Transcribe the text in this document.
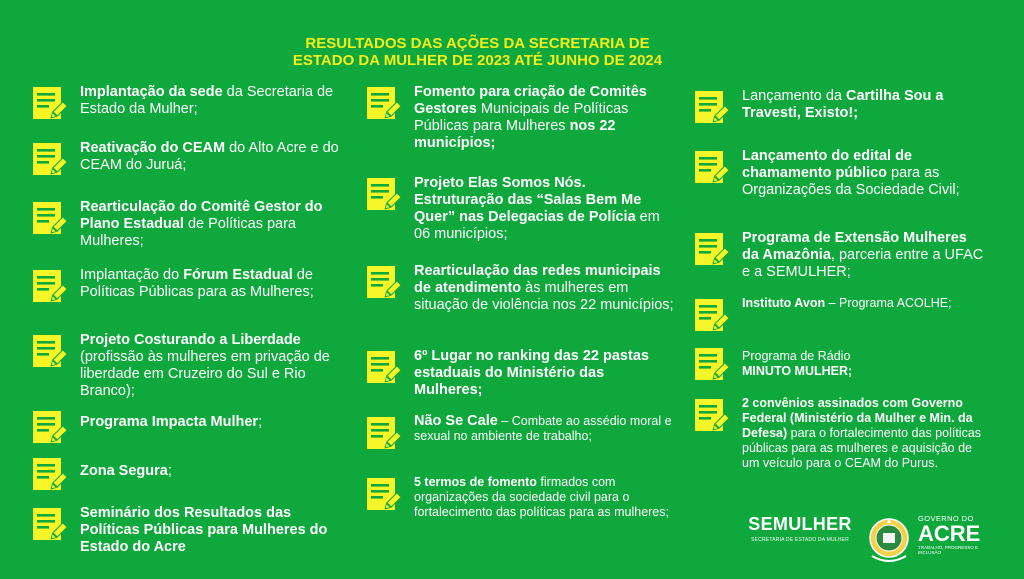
RESULTADOS DAS AÇÕES DA SECRETARIA DE
ESTADO DA MULHER DE 2023 ATÉ JUNHO DE 2024
Implantação da sede da Secretaria de Estado da Mulher;
Reativação do CEAM do Alto Acre e do CEAM do Juruá;
Rearticulação do Comitê Gestor do Plano Estadual de Políticas para Mulheres;
Implantação do Fórum Estadual de Políticas Públicas para as Mulheres;
Projeto Costurando a Liberdade (profissão às mulheres em privação de liberdade em Cruzeiro do Sul e Rio Branco);
Programa Impacta Mulher;
Zona Segura;
Seminário dos Resultados das Políticas Públicas para Mulheres do Estado do Acre
Fomento para criação de Comitês Gestores Municipais de Políticas Públicas para Mulheres nos 22 municípios;
Projeto Elas Somos Nós. Estruturação das “Salas Bem Me Quer” nas Delegacias de Polícia em 06 municípios;
Rearticulação das redes municipais de atendimento às mulheres em situação de violência nos 22 municípios;
6º Lugar no ranking das 22 pastas estaduais do Ministério das Mulheres;
Não Se Cale – Combate ao assédio moral e sexual no ambiente de trabalho;
5 termos de fomento firmados com organizações da sociedade civil para o fortalecimento das políticas para as mulheres;
Lançamento da Cartilha Sou a Travesti, Existo!;
Lançamento do edital de chamamento público para as Organizações da Sociedade Civil;
Programa de Extensão Mulheres da Amazônia, parceria entre a UFAC e a SEMULHER;
Instituto Avon – Programa ACOLHE;
Programa de Rádio
MINUTO MULHER;
2 convênios assinados com Governo Federal (Ministério da Mulher e Min. da Defesa) para o fortalecimento das políticas públicas para as mulheres e aquisição de um veículo para o CEAM do Purus.
SEMULHER
SECRETARIA DE ESTADO DA MULHER
GOVERNO DO
ACRE
TRABALHO, PROGRESSO E INCLUSÃO
